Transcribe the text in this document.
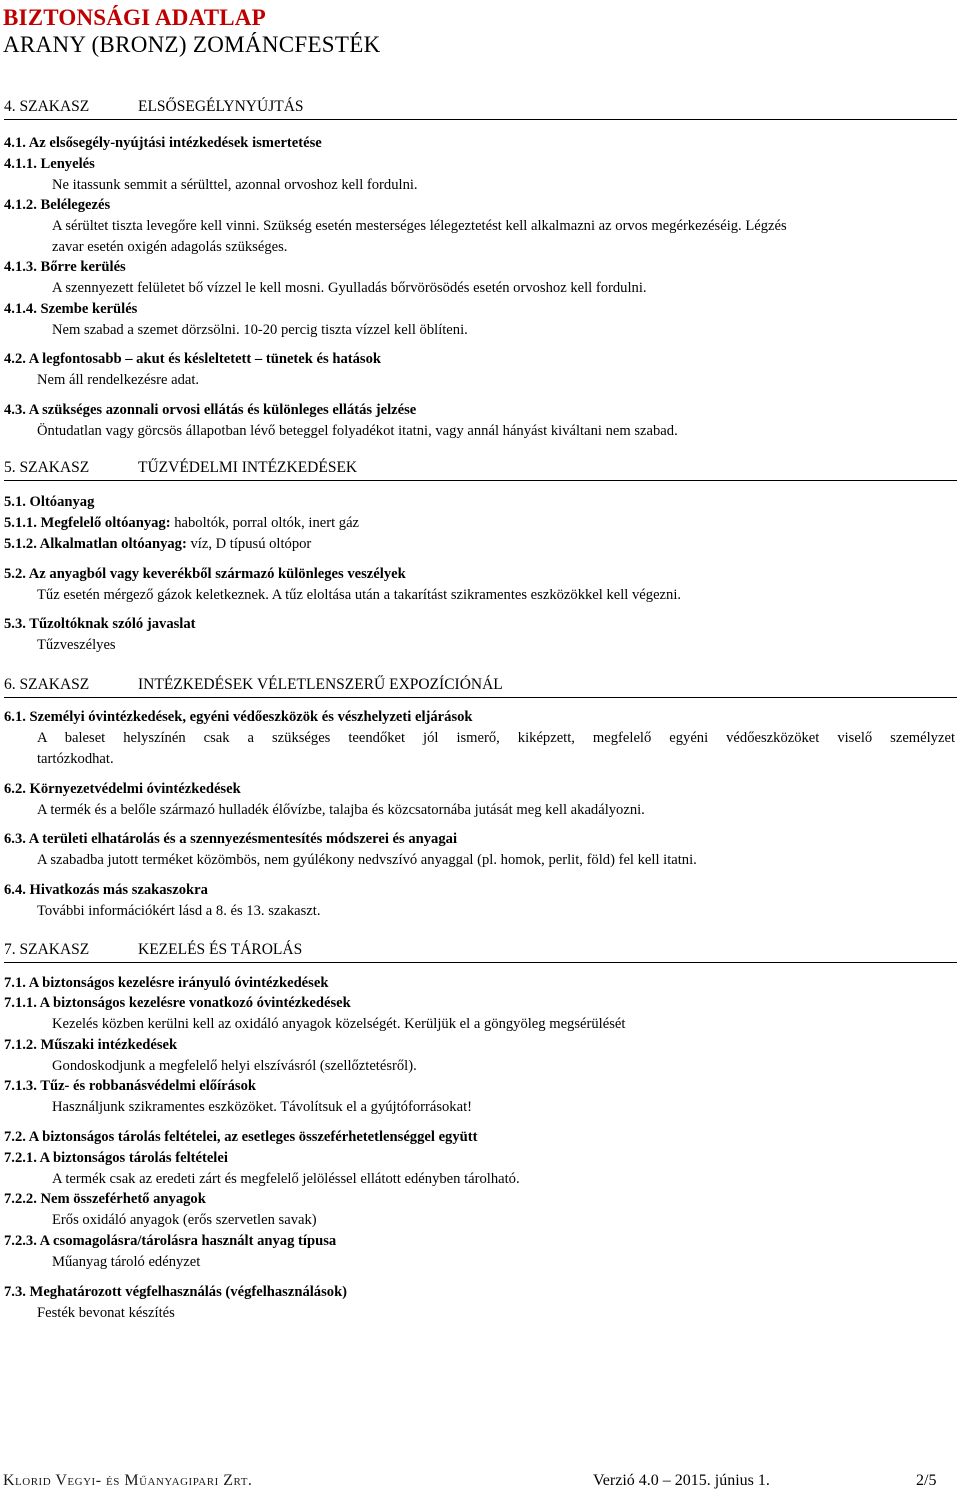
BIZTONSÁGI ADATLAP
ARANY (BRONZ) ZOMÁNCFESTÉK
4. SZAKASZ	ELSŐSEGÉLYNYÚJTÁS
4.1. Az elsősegély-nyújtási intézkedések ismertetése
4.1.1. Lenyelés
Ne itassunk semmit a sérülttel, azonnal orvoshoz kell fordulni.
4.1.2. Belélegezés
A sérültet tiszta levegőre kell vinni. Szükség esetén mesterséges lélegeztetést kell alkalmazni az orvos megérkezéséig. Légzés
zavar esetén oxigén adagolás szükséges.
4.1.3. Bőrre kerülés
A szennyezett felületet bő vízzel le kell mosni. Gyulladás bőrvörösödés esetén orvoshoz kell fordulni.
4.1.4. Szembe kerülés
Nem szabad a szemet dörzsölni. 10-20 percig tiszta vízzel kell öblíteni.
4.2. A legfontosabb – akut és késleltetett – tünetek és hatások
Nem áll rendelkezésre adat.
4.3. A szükséges azonnali orvosi ellátás és különleges ellátás jelzése
Öntudatlan vagy görcsös állapotban lévő beteggel folyadékot itatni, vagy annál hányást kiváltani nem szabad.
5. SZAKASZ	TŰZVÉDELMI INTÉZKEDÉSEK
5.1. Oltóanyag
5.1.1. Megfelelő oltóanyag: haboltók, porral oltók, inert gáz
5.1.2. Alkalmatlan oltóanyag: víz, D típusú oltópor
5.2. Az anyagból vagy keverékből származó különleges veszélyek
Tűz esetén mérgező gázok keletkeznek. A tűz eloltása után a takarítást szikramentes eszközökkel kell végezni.
5.3. Tűzoltóknak szóló javaslat
Tűzveszélyes
6. SZAKASZ	INTÉZKEDÉSEK VÉLETLENSZERŰ EXPOZÍCIÓNÁL
6.1. Személyi óvintézkedések, egyéni védőeszközök és vészhelyzeti eljárások
A baleset helyszínén csak a szükséges teendőket jól ismerő, kiképzett, megfelelő egyéni védőeszközöket viselő személyzet
tartózkodhat.
6.2. Környezetvédelmi óvintézkedések
A termék és a belőle származó hulladék élővízbe, talajba és közcsatornába jutását meg kell akadályozni.
6.3. A területi elhatárolás és a szennyezésmentesítés módszerei és anyagai
A szabadba jutott terméket közömbös, nem gyúlékony nedvszívó anyaggal (pl. homok, perlit, föld) fel kell itatni.
6.4. Hivatkozás más szakaszokra
További információkért lásd a 8. és 13. szakaszt.
7. SZAKASZ	KEZELÉS ÉS TÁROLÁS
7.1. A biztonságos kezelésre irányuló óvintézkedések
7.1.1. A biztonságos kezelésre vonatkozó óvintézkedések
Kezelés közben kerülni kell az oxidáló anyagok közelségét. Kerüljük el a göngyöleg megsérülését
7.1.2. Műszaki intézkedések
Gondoskodjunk a megfelelő helyi elszívásról (szellőztetésről).
7.1.3. Tűz- és robbanásvédelmi előírások
Használjunk szikramentes eszközöket. Távolítsuk el a gyújtóforrásokat!
7.2. A biztonságos tárolás feltételei, az esetleges összeférhetetlenséggel együtt
7.2.1. A biztonságos tárolás feltételei
A termék csak az eredeti zárt és megfelelő jelöléssel ellátott edényben tárolható.
7.2.2. Nem összeférhető anyagok
Erős oxidáló anyagok (erős szervetlen savak)
7.2.3. A csomagolásra/tárolásra használt anyag típusa
Műanyag tároló edényzet
7.3. Meghatározott végfelhasználás (végfelhasználások)
Festék bevonat készítés
Klorid Vegyi- és Műanyagipari Zrt.	Verzió 4.0 – 2015. június 1.	2/5
